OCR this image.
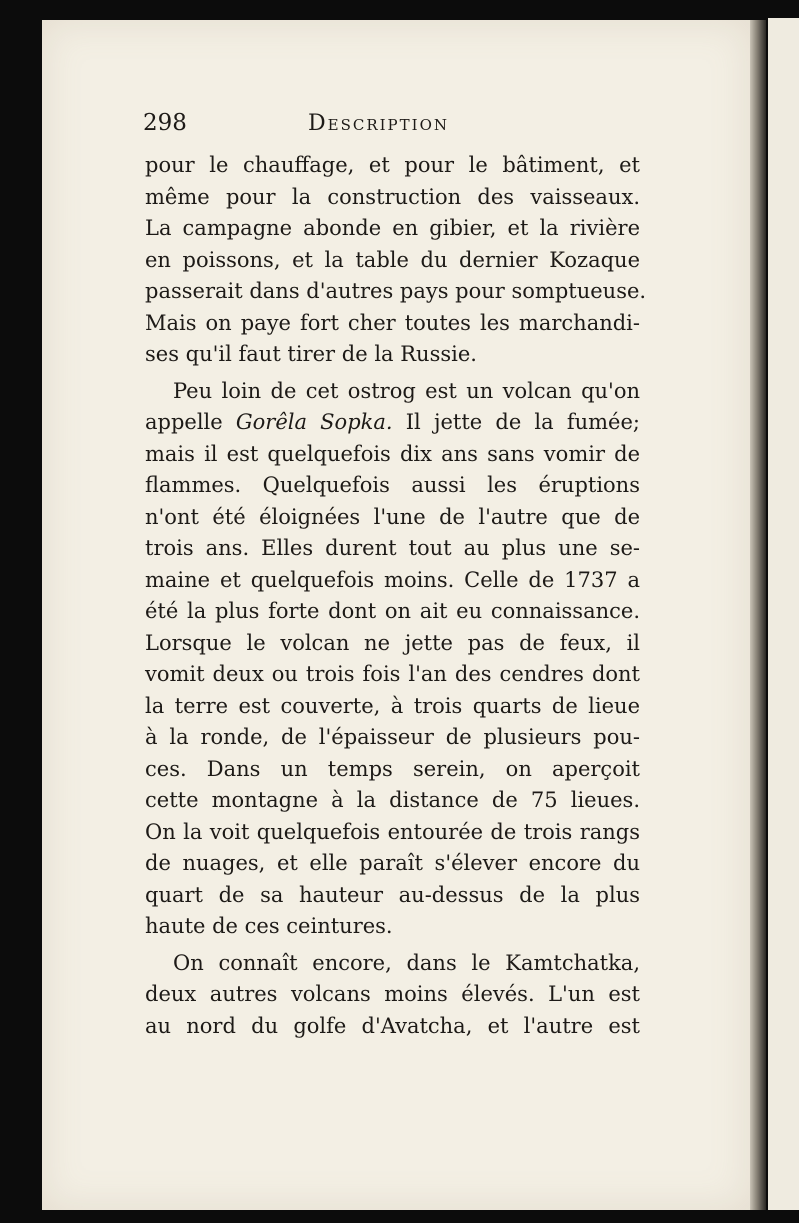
298	Description
pour le chauffage, et pour le bâtiment, et
même pour la construction des vaisseaux.
La campagne abonde en gibier, et la rivière
en poissons, et la table du dernier Kozaque
passerait dans d'autres pays pour somptueuse.
Mais on paye fort cher toutes les marchandi-
ses qu'il faut tirer de la Russie.
Peu loin de cet ostrog est un volcan qu'on
appelle Gorêla Sopka. Il jette de la fumée;
mais il est quelquefois dix ans sans vomir de
flammes. Quelquefois aussi les éruptions
n'ont été éloignées l'une de l'autre que de
trois ans. Elles durent tout au plus une se-
maine et quelquefois moins. Celle de 1737 a
été la plus forte dont on ait eu connaissance.
Lorsque le volcan ne jette pas de feux, il
vomit deux ou trois fois l'an des cendres dont
la terre est couverte, à trois quarts de lieue
à la ronde, de l'épaisseur de plusieurs pou-
ces. Dans un temps serein, on aperçoit
cette montagne à la distance de 75 lieues.
On la voit quelquefois entourée de trois rangs
de nuages, et elle paraît s'élever encore du
quart de sa hauteur au-dessus de la plus
haute de ces ceintures.
On connaît encore, dans le Kamtchatka,
deux autres volcans moins élevés. L'un est
au nord du golfe d'Avatcha, et l'autre est
